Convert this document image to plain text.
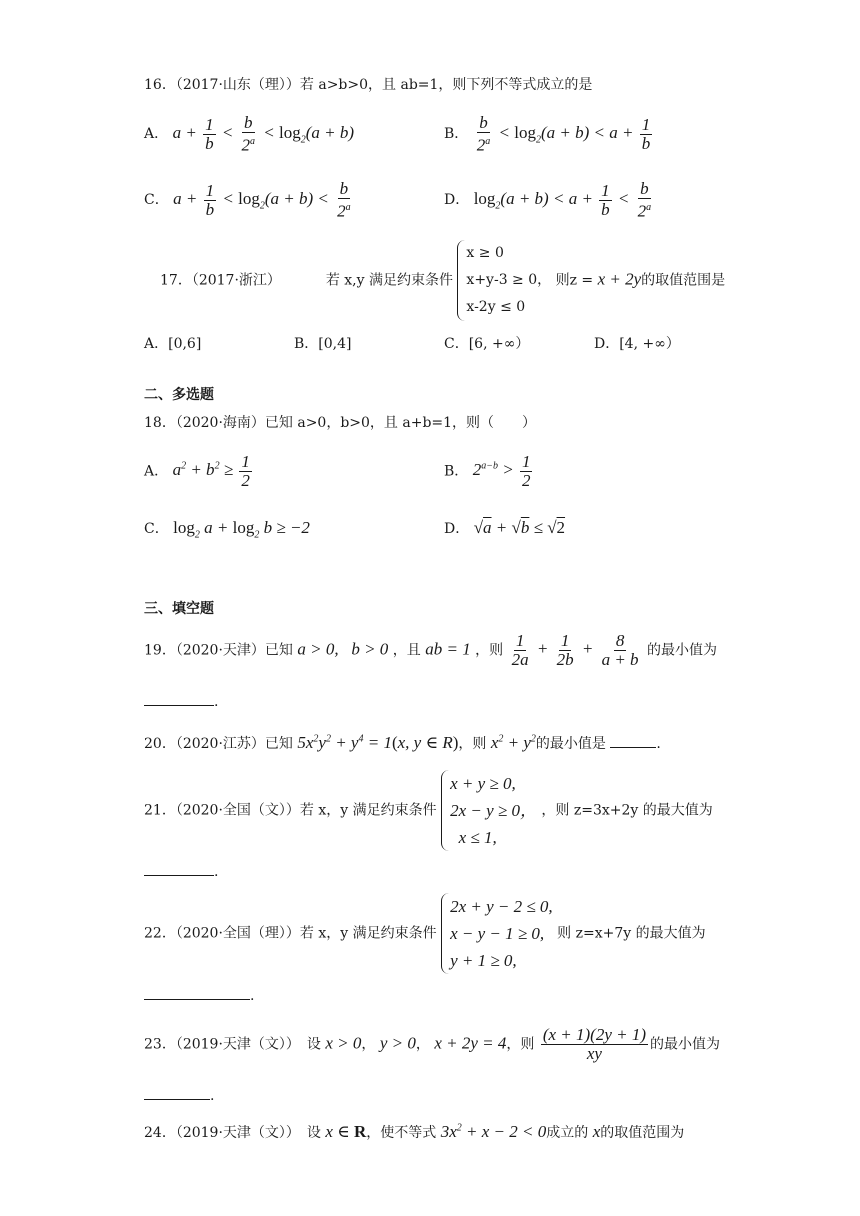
16．（2017·山东（理））若 a>b>0，且 ab=1，则下列不等式成立的是
A． $a + \frac{1}{b} < \frac{b}{2^a} < \log_2(a + b)$	B． $\frac{b}{2^a} < \log_2(a + b) < a + \frac{1}{b}$
C． $a + \frac{1}{b} < \log_2(a + b) < \frac{b}{2^a}$	D． $\log_2(a + b) < a + \frac{1}{b} < \frac{b}{2^a}$
17．（2017·浙江）	若 x,y 满足约束条件
x ≥ 0
x+y-3 ≥ 0，
x-2y ≤ 0
则z = x + 2y的取值范围是
A．[0,6]	B．[0,4]	C．[6, +∞）	D．[4, +∞）
二、多选题
18．（2020·海南）已知 a>0，b>0，且 a+b=1，则（　　）
A． $a^2 + b^2 \ge \frac{1}{2}$	B． $2^{a-b} > \frac{1}{2}$
C． $\log_2 a + \log_2 b \ge -2$	D． √a + √b ≤ √2
三、填空题
19．（2020·天津）已知 a > 0,   b > 0 ，且 ab = 1 ，则 $\frac{1}{2a} + \frac{1}{2b} + \frac{8}{a + b}$ 的最小值为
.
20．（2020·江苏）已知 $5x^2y^2 + y^4 = 1(x$, y ∈ R)，则 $x^2 + y^2$的最小值是	.
21．（2020·全国（文））若 x，y 满足约束条件
x + y ≥ 0,
2x − y ≥ 0，
x ≤ 1,
，则 z=3x+2y 的最大值为
.
22．（2020·全国（理））若 x，y 满足约束条件
2x + y − 2 ≤ 0,
x − y − 1 ≥ 0,
y + 1 ≥ 0,
则 z=x+7y 的最大值为
.
23．（2019·天津（文））　设 x > 0， y > 0， x + 2y = 4，则 $\frac{(x + 1)(2y + 1)}{xy}$ 的最小值为
.
24．（2019·天津（文））　设 x ∈ R，使不等式 $3x^2 + x - 2 < 0$成立的 x的取值范围为
